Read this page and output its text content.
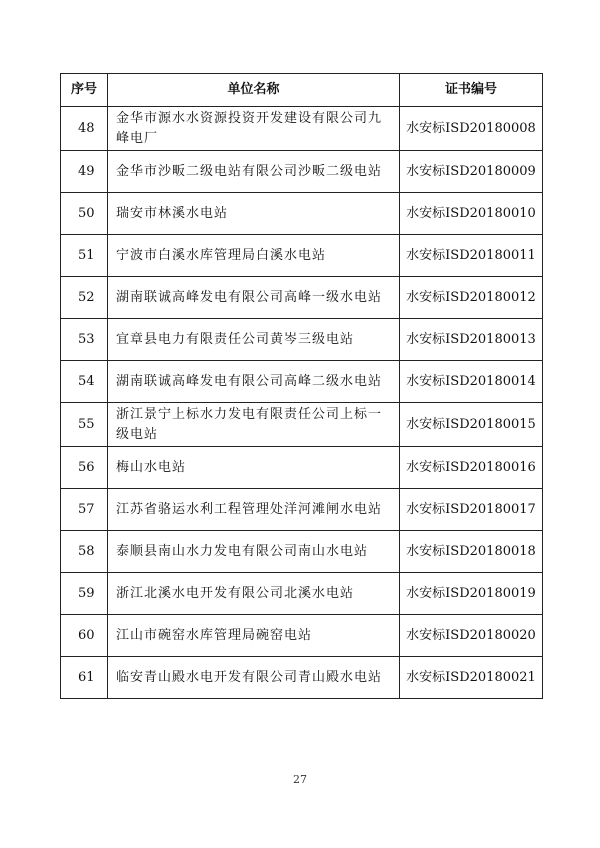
序号	单位名称	证书编号
48	金华市源水水资源投资开发建设有限公司九峰电厂	水安标ⅠSD20180008
49	金华市沙畈二级电站有限公司沙畈二级电站	水安标ⅠSD20180009
50	瑞安市林溪水电站	水安标ⅠSD20180010
51	宁波市白溪水库管理局白溪水电站	水安标ⅠSD20180011
52	湖南联诚高峰发电有限公司高峰一级水电站	水安标ⅠSD20180012
53	宜章县电力有限责任公司黄岑三级电站	水安标ⅠSD20180013
54	湖南联诚高峰发电有限公司高峰二级水电站	水安标ⅠSD20180014
55	浙江景宁上标水力发电有限责任公司上标一级电站	水安标ⅠSD20180015
56	梅山水电站	水安标ⅠSD20180016
57	江苏省骆运水利工程管理处洋河滩闸水电站	水安标ⅠSD20180017
58	泰顺县南山水力发电有限公司南山水电站	水安标ⅠSD20180018
59	浙江北溪水电开发有限公司北溪水电站	水安标ⅠSD20180019
60	江山市碗窑水库管理局碗窑电站	水安标ⅠSD20180020
61	临安青山殿水电开发有限公司青山殿水电站	水安标ⅠSD20180021
27
